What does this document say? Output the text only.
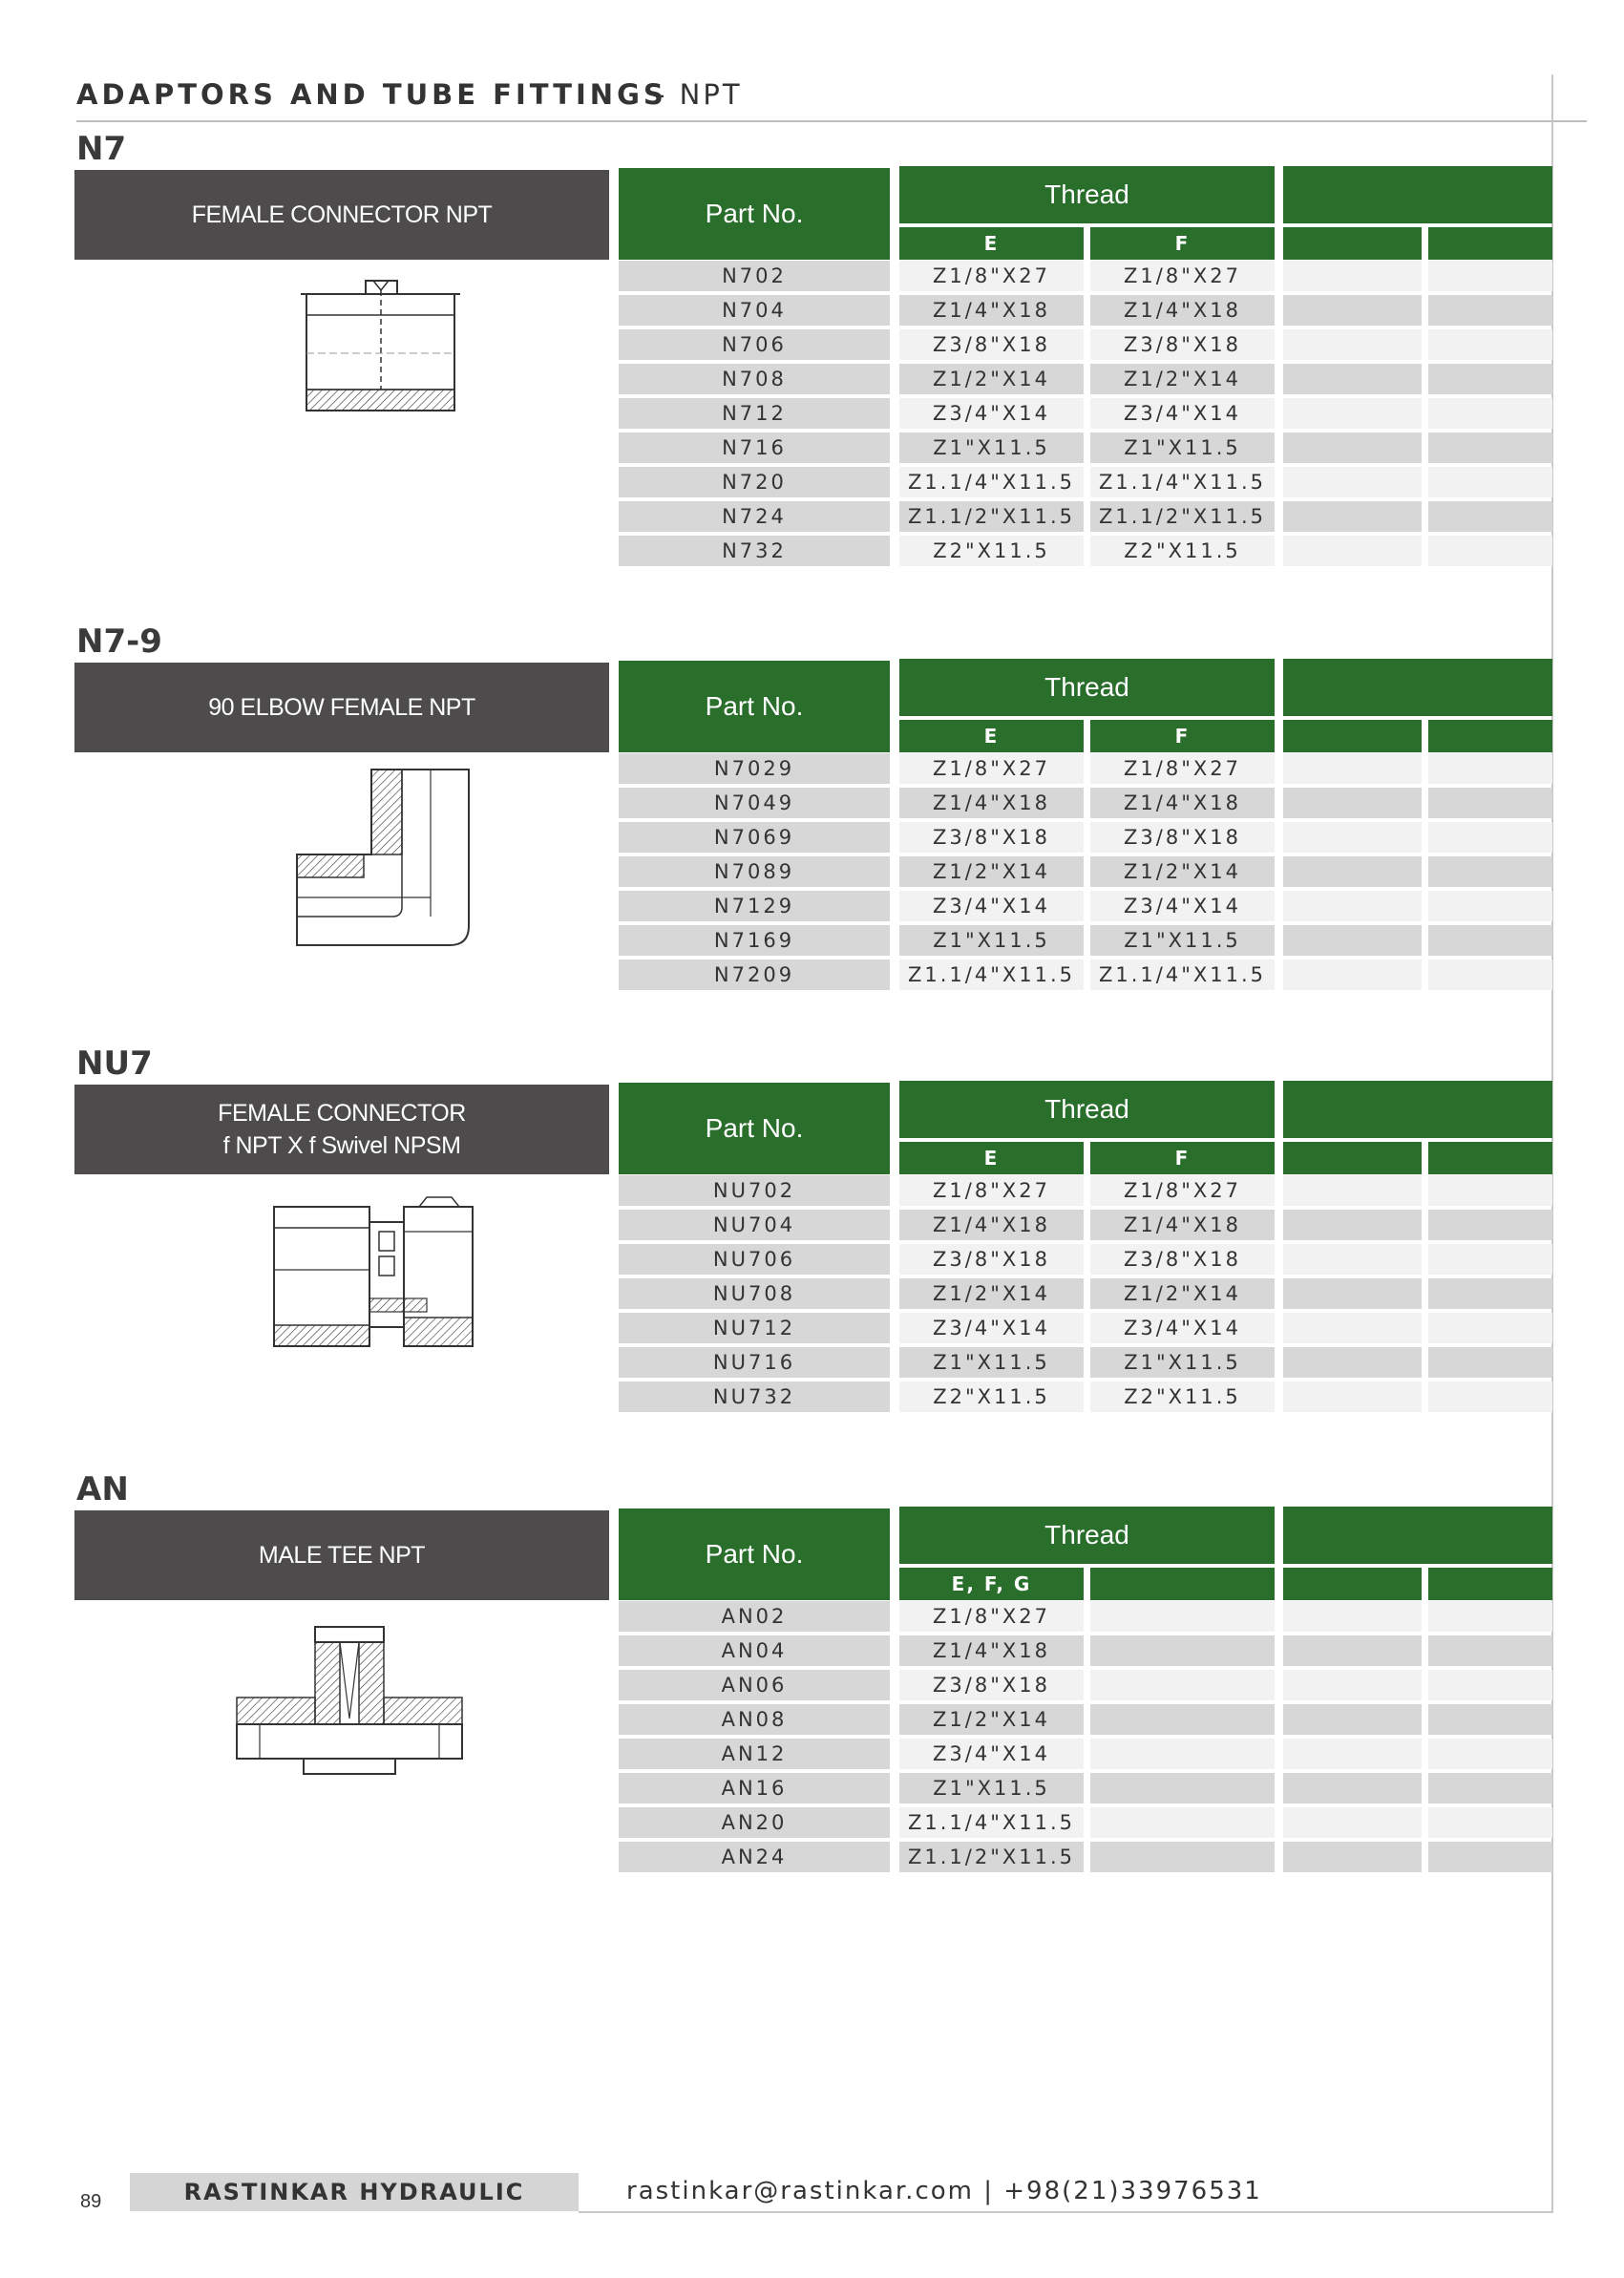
ADAPTORS AND TUBE FITTINGS
- NPT
N7
FEMALE CONNECTOR NPT	Part No.
Thread
E	F
N702	Z1/8"X27	Z1/8"X27
N704	Z1/4"X18	Z1/4"X18
N706	Z3/8"X18	Z3/8"X18
N708	Z1/2"X14	Z1/2"X14
N712	Z3/4"X14	Z3/4"X14
N716	Z1"X11.5	Z1"X11.5
N720	Z1.1/4"X11.5	Z1.1/4"X11.5
N724	Z1.1/2"X11.5	Z1.1/2"X11.5
N732	Z2"X11.5	Z2"X11.5
N7-9
90 ELBOW FEMALE NPT	Part No.
Thread
E	F
N7029	Z1/8"X27	Z1/8"X27
N7049	Z1/4"X18	Z1/4"X18
N7069	Z3/8"X18	Z3/8"X18
N7089	Z1/2"X14	Z1/2"X14
N7129	Z3/4"X14	Z3/4"X14
N7169	Z1"X11.5	Z1"X11.5
N7209	Z1.1/4"X11.5	Z1.1/4"X11.5
NU7
FEMALE CONNECTOR
f NPT X f Swivel NPSM
Part No.
Thread
E	F
NU702	Z1/8"X27	Z1/8"X27
NU704	Z1/4"X18	Z1/4"X18
NU706	Z3/8"X18	Z3/8"X18
NU708	Z1/2"X14	Z1/2"X14
NU712	Z3/4"X14	Z3/4"X14
NU716	Z1"X11.5	Z1"X11.5
NU732	Z2"X11.5	Z2"X11.5
AN
MALE TEE NPT	Part No.
Thread
E, F, G
AN02	Z1/8"X27
AN04	Z1/4"X18
AN06	Z3/8"X18
AN08	Z1/2"X14
AN12	Z3/4"X14
AN16	Z1"X11.5
AN20	Z1.1/4"X11.5
AN24	Z1.1/2"X11.5
89	RASTINKAR HYDRAULIC	rastinkar@rastinkar.com | +98(21)33976531
